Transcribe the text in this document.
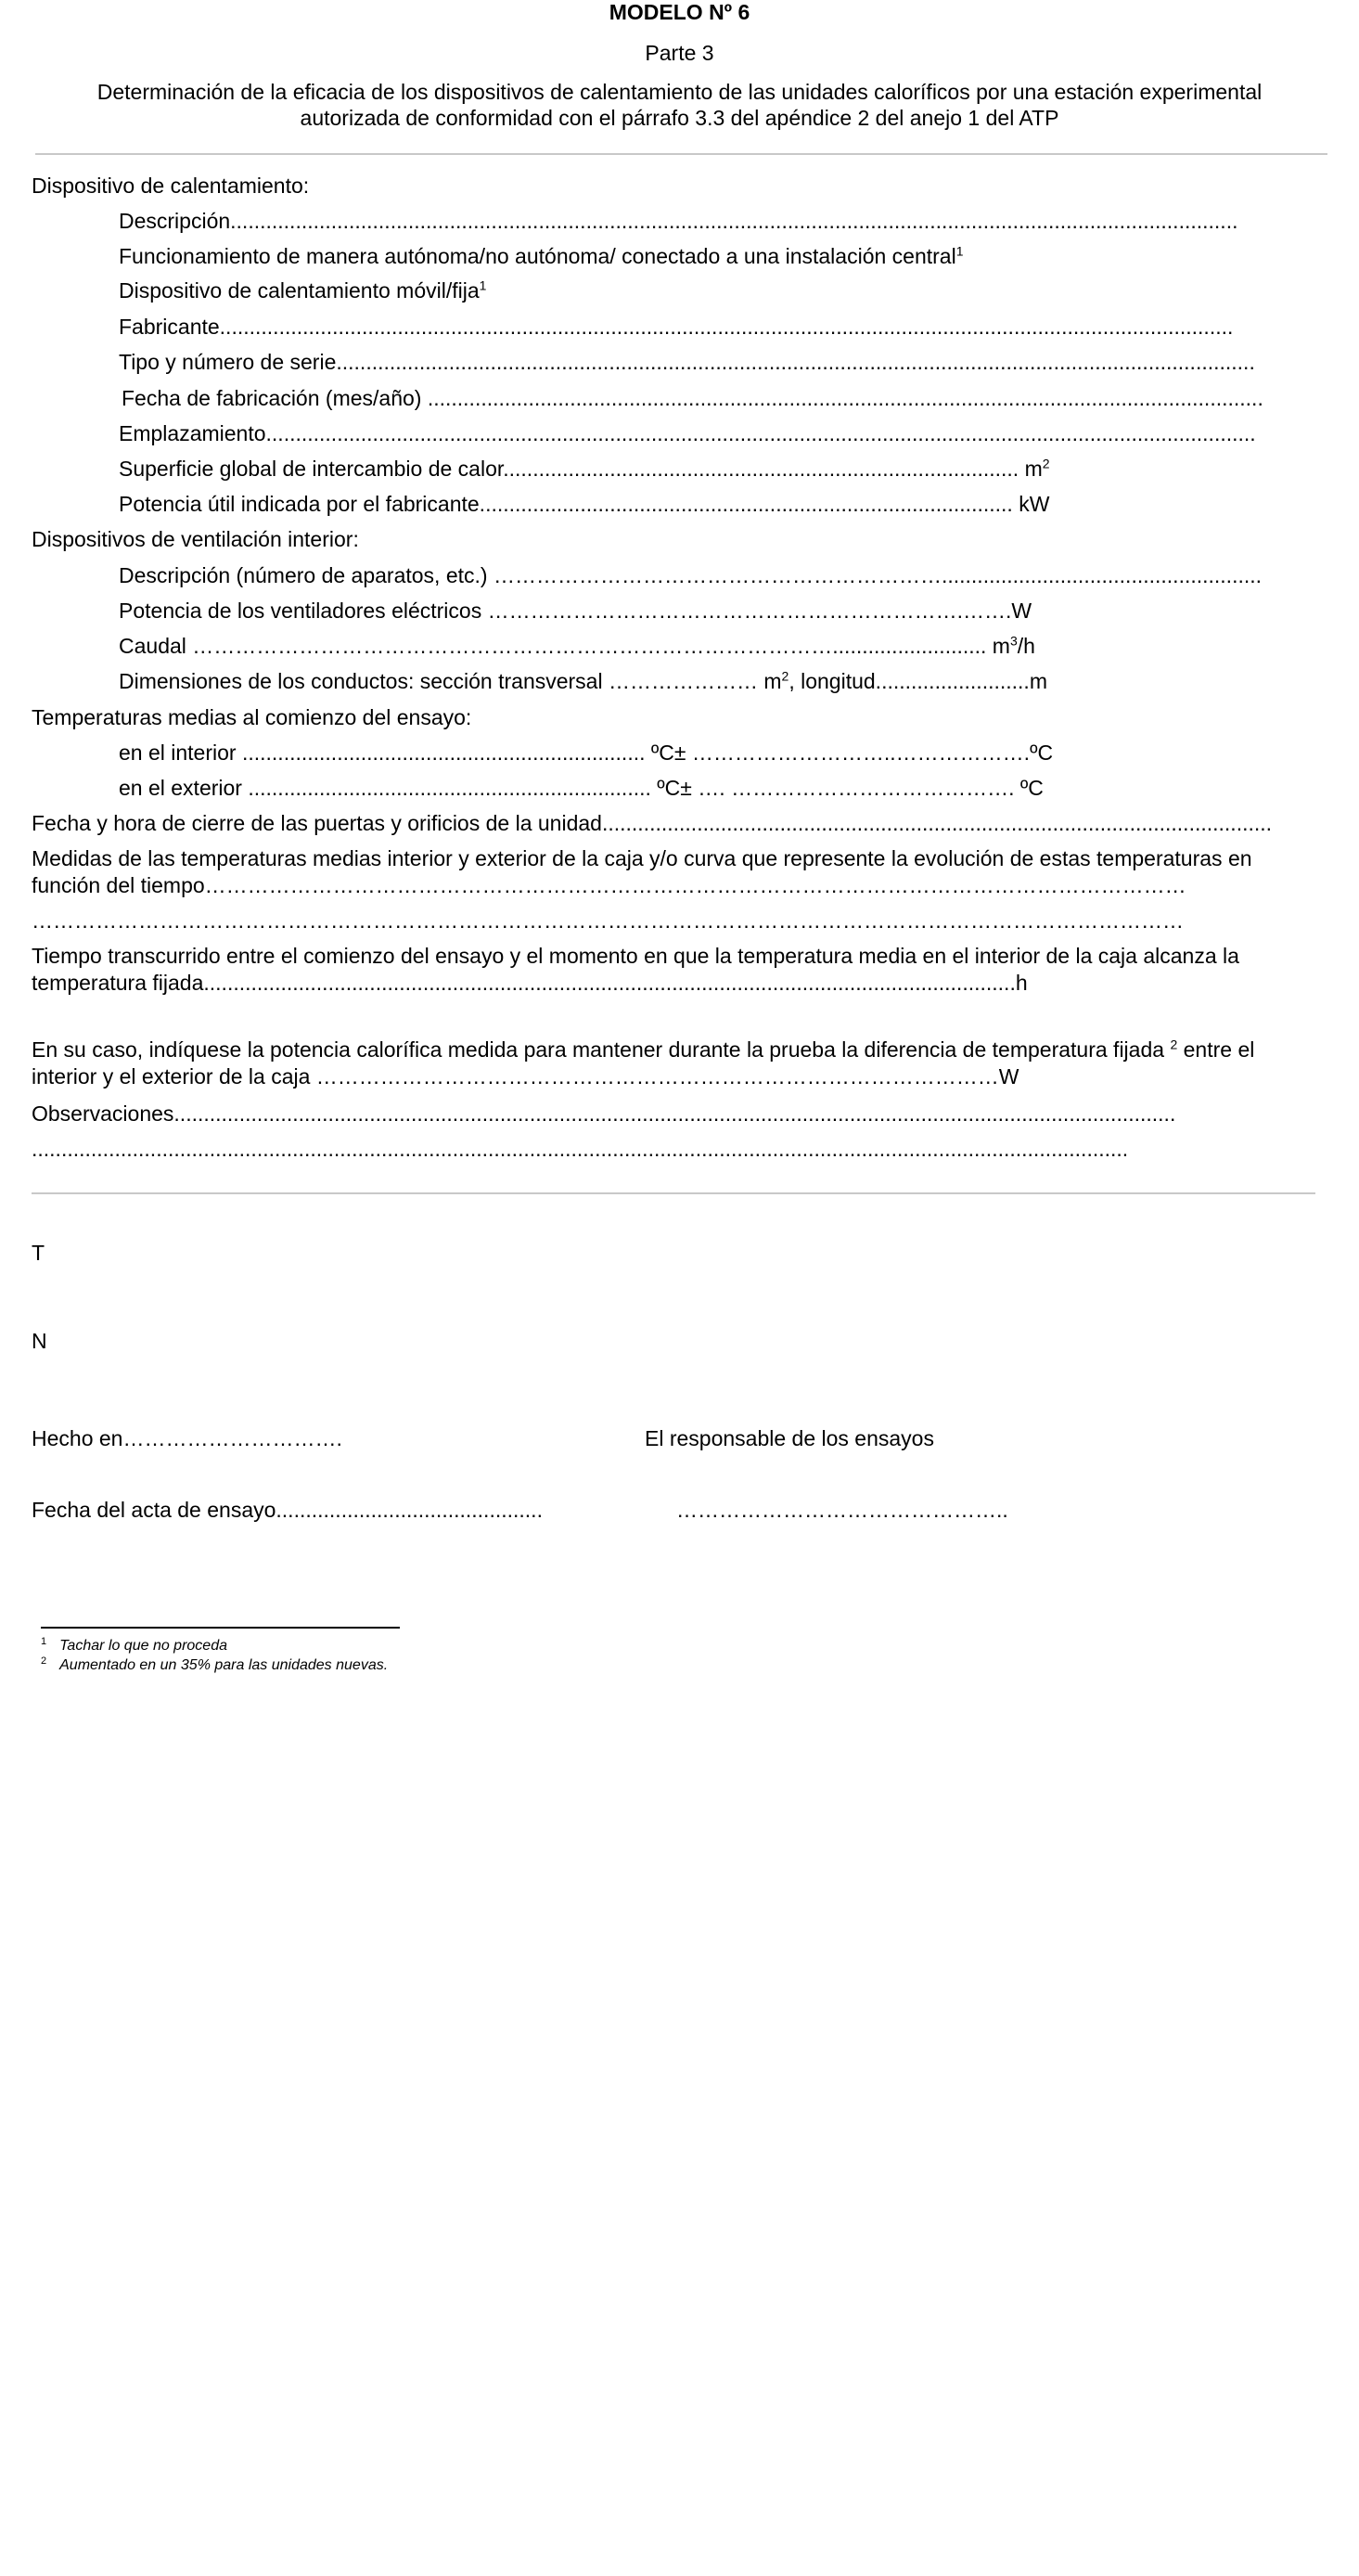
MODELO Nº 6
Parte 3
Determinación de la eficacia de los dispositivos de calentamiento de las unidades caloríficos por una estación experimental
autorizada de conformidad con el párrafo 3.3 del apéndice 2 del anejo 1 del ATP
Dispositivo de calentamiento:
Descripción..........................................................................................................................................................................
Funcionamiento de manera autónoma/no autónoma/ conectado a una instalación central$^1$
Dispositivo de calentamiento móvil/fija$^1$
Fabricante...........................................................................................................................................................................
Tipo y número de serie...........................................................................................................................................................
Fecha de fabricación (mes/año) .............................................................................................................................................
Emplazamiento.......................................................................................................................................................................
Superficie global de intercambio de calor....................................................................................... $m^2$
Potencia útil indicada por el fabricante.......................................................................................... kW
Dispositivos de ventilación interior:
Descripción (número de aparatos, etc.) ………………………………………………………......................................................
Potencia de los ventiladores eléctricos ………………………………………………………….…….W
Caudal ……………………………………………………………………………….......................... $m^3/h$
Dimensiones de los conductos: sección transversal ………………… $m^2$, longitud..........................m
Temperaturas medias al comienzo del ensayo:
en el interior .................................................................... ºC± ………………………..……………….ºC
en el exterior .................................................................... ºC± …. …………………………………. ºC
Fecha y hora de cierre de las puertas y orificios de la unidad.................................................................................................................
Medidas de las temperaturas medias interior y exterior de la caja y/o curva que represente la evolución de estas temperaturas en
función del tiempo…………………………………………………………………………………………………………………………
………………………………………………………………………………………………………………………………………………
Tiempo transcurrido entre el comienzo del ensayo y el momento en que la temperatura media en el interior de la caja alcanza la
temperatura fijada.........................................................................................................................................h
En su caso, indíquese la potencia calorífica medida para mantener durante la prueba la diferencia de temperatura fijada $^2$ entre el
interior y el exterior de la caja ……………………………………………………………………………………W
Observaciones.........................................................................................................................................................................
.........................................................................................................................................................................................
T
N
Hecho en………………………….	El responsable de los ensayos
Fecha del acta de ensayo.............................................	………………………………………..
$^1$ Tachar lo que no proceda
$^2$ Aumentado en un 35% para las unidades nuevas.
